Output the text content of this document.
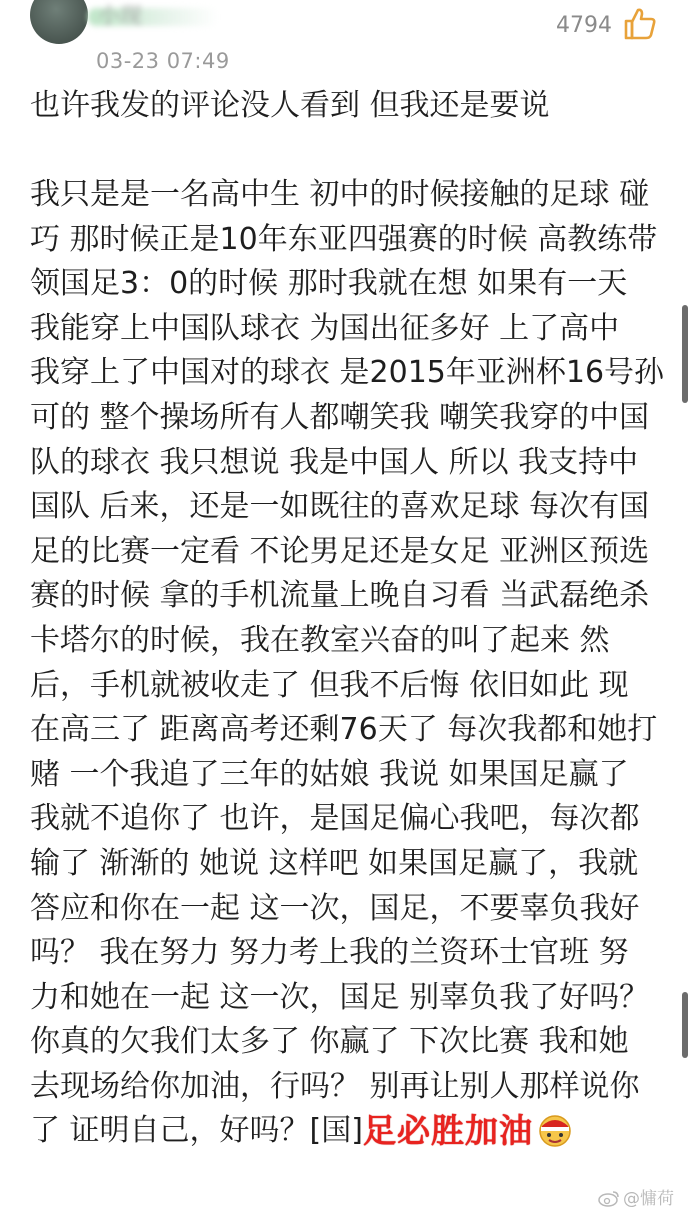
小现
03-23 07:49
4794
也许我发的评论没人看到 但我还是要说
我只是是一名高中生 初中的时候接触的足球 碰
巧 那时候正是10年东亚四强赛的时候 高教练带
领国足3：0的时候 那时我就在想 如果有一天
我能穿上中国队球衣 为国出征多好 上了高中
我穿上了中国对的球衣 是2015年亚洲杯16号孙
可的 整个操场所有人都嘲笑我 嘲笑我穿的中国
队的球衣 我只想说 我是中国人 所以 我支持中
国队 后来，还是一如既往的喜欢足球 每次有国
足的比赛一定看 不论男足还是女足 亚洲区预选
赛的时候 拿的手机流量上晚自习看 当武磊绝杀
卡塔尔的时候，我在教室兴奋的叫了起来 然
后，手机就被收走了 但我不后悔 依旧如此 现
在高三了 距离高考还剩76天了 每次我都和她打
赌 一个我追了三年的姑娘 我说 如果国足赢了
我就不追你了 也许，是国足偏心我吧，每次都
输了 渐渐的 她说 这样吧 如果国足赢了，我就
答应和你在一起 这一次，国足，不要辜负我好
吗？ 我在努力 努力考上我的兰资环士官班 努
力和她在一起 这一次，国足 别辜负我了好吗？
你真的欠我们太多了 你赢了 下次比赛 我和她
去现场给你加油，行吗？ 别再让别人那样说你
了 证明自己，好吗？[国]足必胜加油
@慵荷
